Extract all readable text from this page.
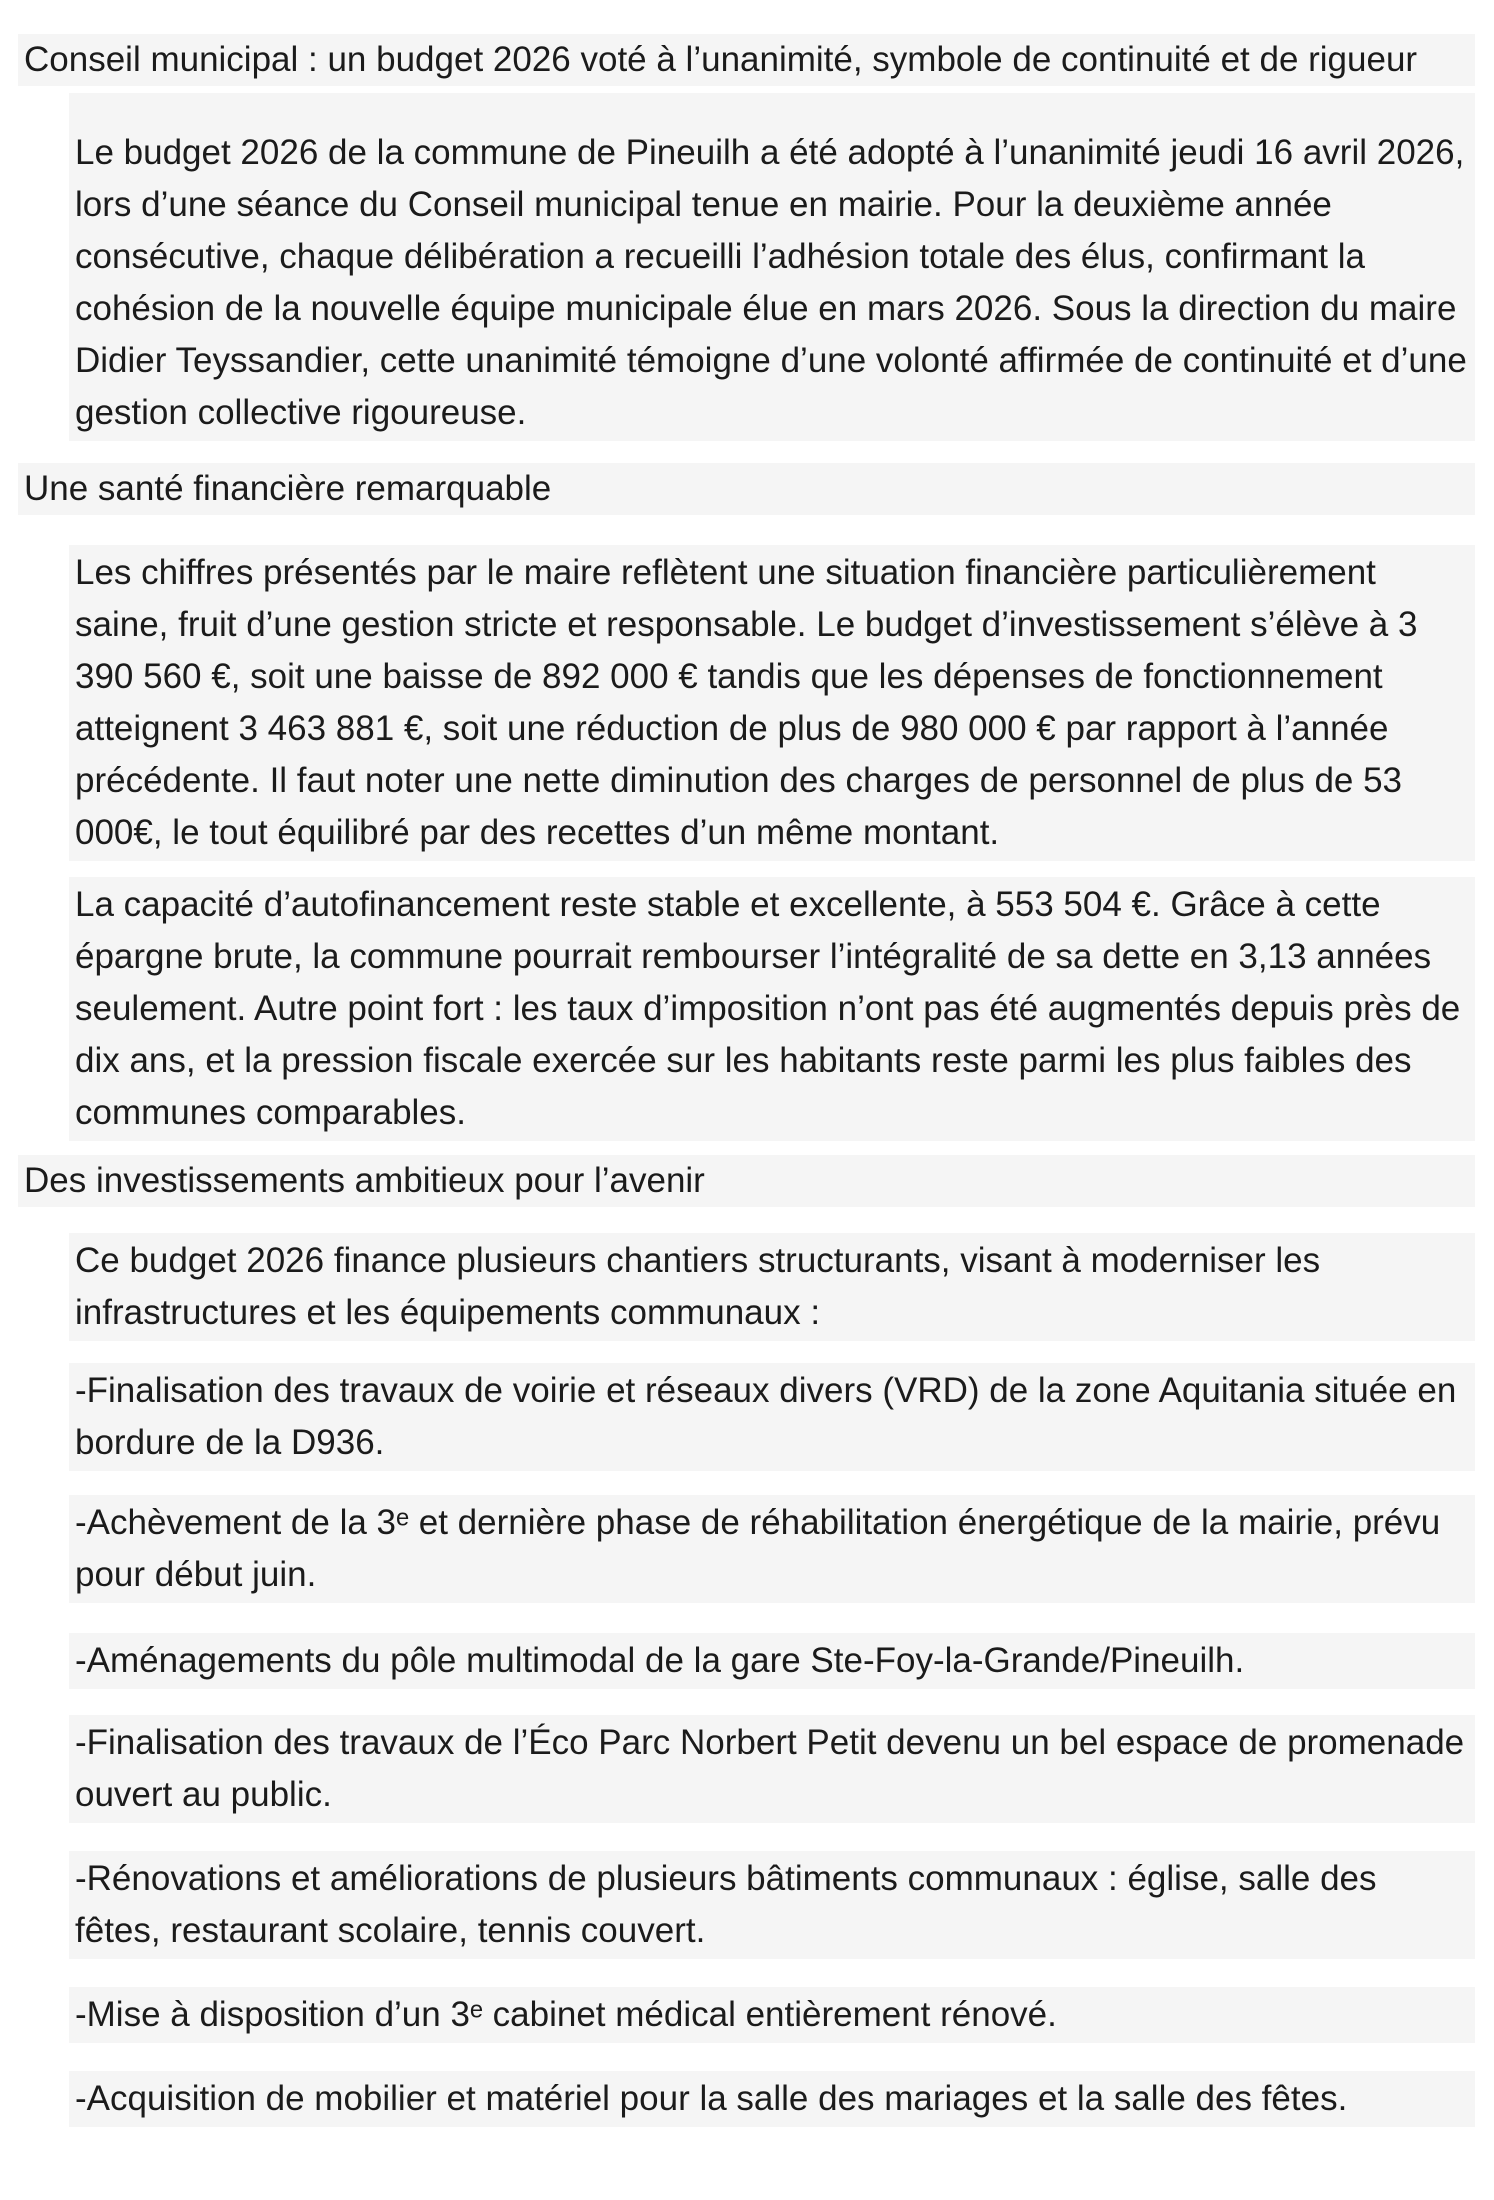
Conseil municipal : un budget 2026 voté à l’unanimité, symbole de continuité et de rigueur

Le budget 2026 de la commune de Pineuilh a été adopté à l’unanimité jeudi 16 avril 2026, lors d’une séance du Conseil municipal tenue en mairie. Pour la deuxième année consécutive, chaque délibération a recueilli l’adhésion totale des élus, confirmant la cohésion de la nouvelle équipe municipale élue en mars 2026. Sous la direction du maire Didier Teyssandier, cette unanimité témoigne d’une volonté affirmée de continuité et d’une gestion collective rigoureuse.

Une santé financière remarquable

Les chiffres présentés par le maire reflètent une situation financière particulièrement saine, fruit d’une gestion stricte et responsable. Le budget d’investissement s’élève à 3 390 560 €, soit une baisse de 892 000 € tandis que les dépenses de fonctionnement atteignent 3 463 881 €, soit une réduction de plus de 980 000 € par rapport à l’année précédente. Il faut noter une nette diminution des charges de personnel de plus de 53 000€, le tout équilibré par des recettes d’un même montant.

La capacité d’autofinancement reste stable et excellente, à 553 504 €. Grâce à cette épargne brute, la commune pourrait rembourser l’intégralité de sa dette en 3,13 années seulement. Autre point fort : les taux d’imposition n’ont pas été augmentés depuis près de dix ans, et la pression fiscale exercée sur les habitants reste parmi les plus faibles des communes comparables.

Des investissements ambitieux pour l’avenir

Ce budget 2026 finance plusieurs chantiers structurants, visant à moderniser les infrastructures et les équipements communaux :

-Finalisation des travaux de voirie et réseaux divers (VRD) de la zone Aquitania située en bordure de la D936.

-Achèvement de la 3ᵉ et dernière phase de réhabilitation énergétique de la mairie, prévu pour début juin.

-Aménagements du pôle multimodal de la gare Ste-Foy-la-Grande/Pineuilh.

-Finalisation des travaux de l’Éco Parc Norbert Petit devenu un bel espace de promenade ouvert au public.

-Rénovations et améliorations de plusieurs bâtiments communaux : église, salle des fêtes, restaurant scolaire, tennis couvert.

-Mise à disposition d’un 3ᵉ cabinet médical entièrement rénové.

-Acquisition de mobilier et matériel pour la salle des mariages et la salle des fêtes.
